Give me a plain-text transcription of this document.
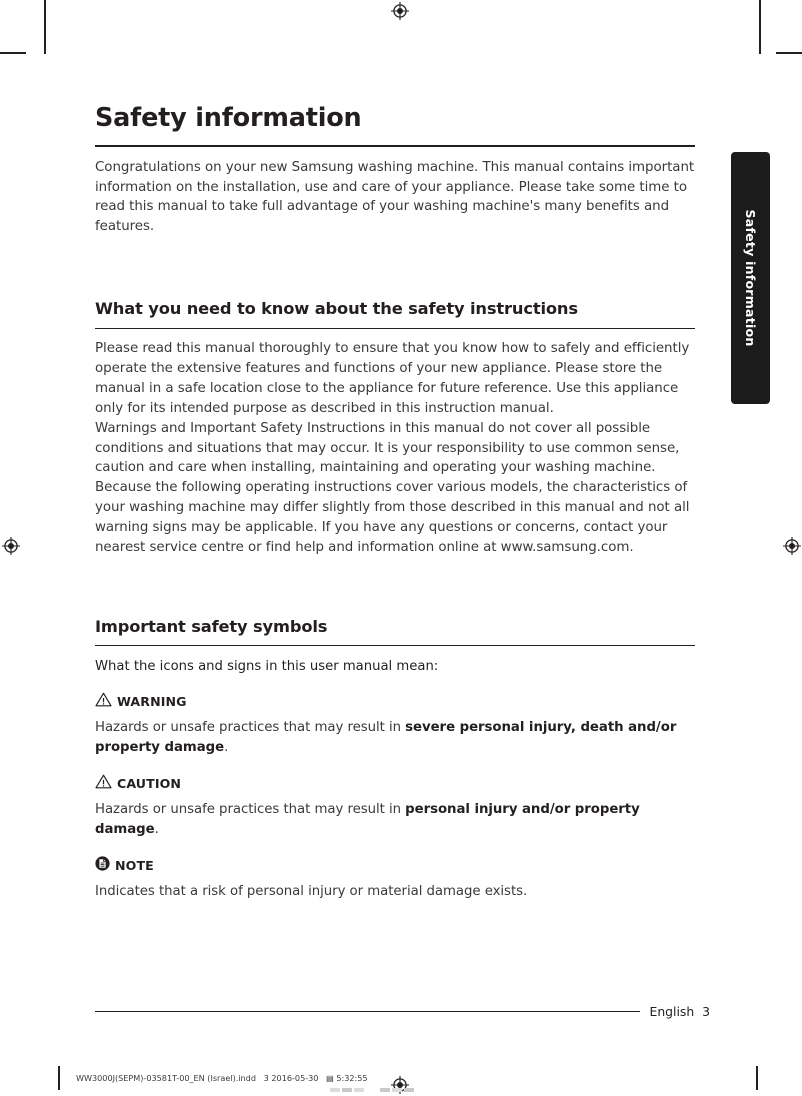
Safety information

Congratulations on your new Samsung washing machine. This manual contains important information on the installation, use and care of your appliance. Please take some time to read this manual to take full advantage of your washing machine's many benefits and features.

What you need to know about the safety instructions

Please read this manual thoroughly to ensure that you know how to safely and efficiently operate the extensive features and functions of your new appliance. Please store the manual in a safe location close to the appliance for future reference. Use this appliance only for its intended purpose as described in this instruction manual.

Warnings and Important Safety Instructions in this manual do not cover all possible conditions and situations that may occur. It is your responsibility to use common sense, caution and care when installing, maintaining and operating your washing machine.

Because the following operating instructions cover various models, the characteristics of your washing machine may differ slightly from those described in this manual and not all warning signs may be applicable. If you have any questions or concerns, contact your nearest service centre or find help and information online at www.samsung.com.

Important safety symbols

What the icons and signs in this user manual mean:

WARNING

Hazards or unsafe practices that may result in severe personal injury, death and/or property damage.

CAUTION

Hazards or unsafe practices that may result in personal injury and/or property damage.

NOTE

Indicates that a risk of personal injury or material damage exists.

English  3
Safety information
WW3000J(SEPM)-03581T-00_EN (Israel).indd   3 2016-05-30   ▤ 5:32:55
